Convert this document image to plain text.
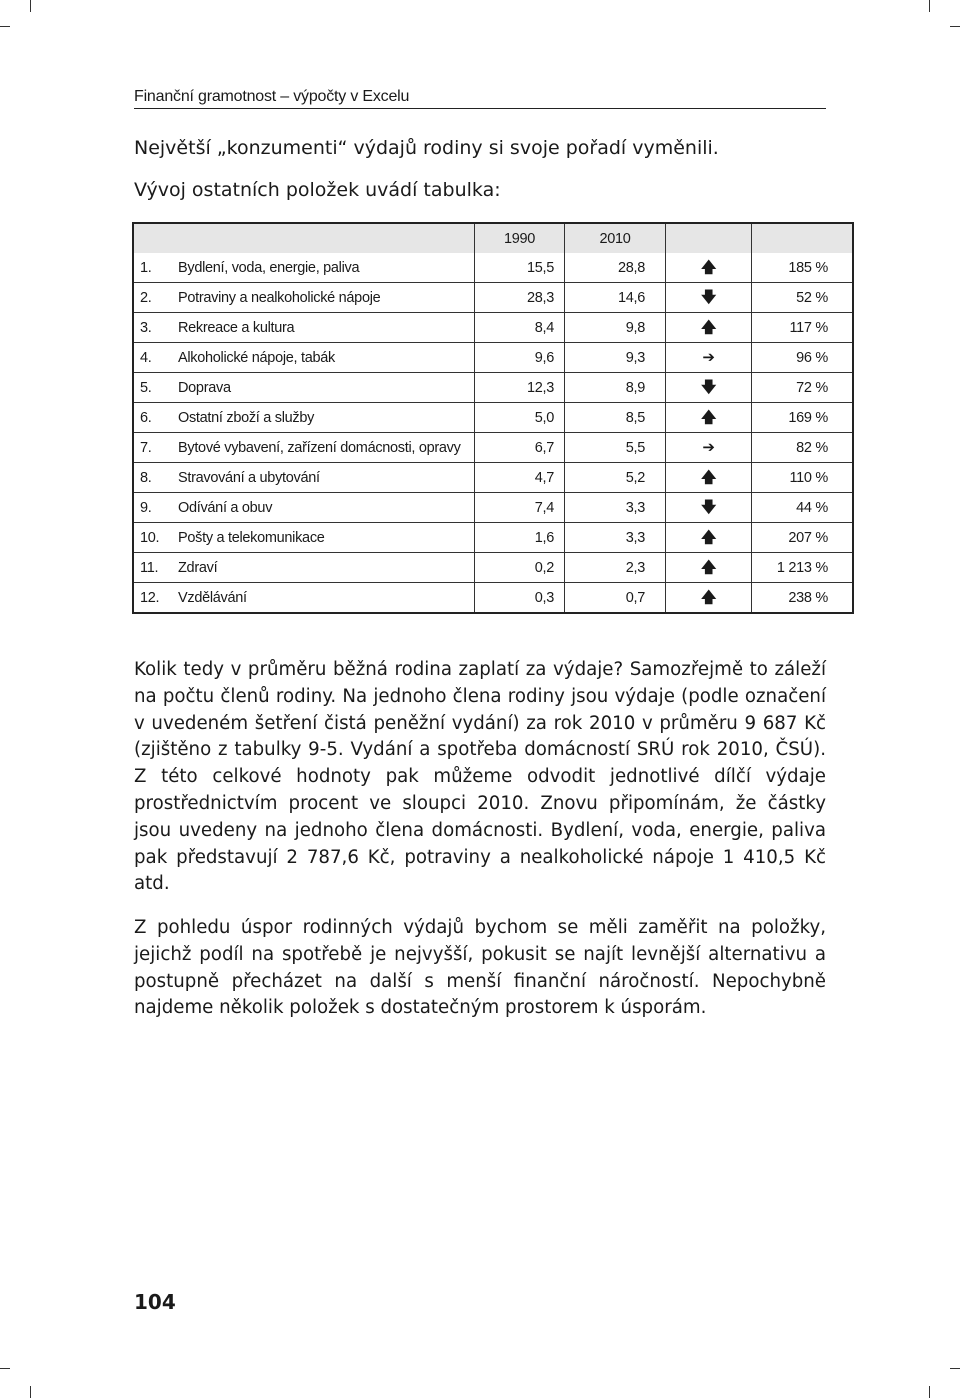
Finanční gramotnost – výpočty v Excelu
Největší „konzumenti“ výdajů rodiny si svoje pořadí vyměnili.
Vývoj ostatních položek uvádí tabulka:
		1990	2010		
1.	Bydlení, voda, energie, paliva	15,5	28,8	🡅	185 %
2.	Potraviny a nealkoholické nápoje	28,3	14,6	🡇	52 %
3.	Rekreace a kultura	8,4	9,8	🡅	117 %
4.	Alkoholické nápoje, tabák	9,6	9,3	➔	96 %
5.	Doprava	12,3	8,9	🡇	72 %
6.	Ostatní zboží a služby	5,0	8,5	🡅	169 %
7.	Bytové vybavení, zařízení domácnosti, opravy	6,7	5,5	➔	82 %
8.	Stravování a ubytování	4,7	5,2	🡅	110 %
9.	Odívání a obuv	7,4	3,3	🡇	44 %
10.	Pošty a telekomunikace	1,6	3,3	🡅	207 %
11.	Zdraví	0,2	2,3	🡅	1 213 %
12.	Vzdělávání	0,3	0,7	🡅	238 %

Kolik tedy v průměru běžná rodina zaplatí za výdaje? Samozřejmě to záleží na počtu členů rodiny. Na jednoho člena rodiny jsou výdaje (podle označení v uvedeném šetření čistá peněžní vydání) za rok 2010 v průměru 9 687 Kč (zjištěno z tabulky 9-5. Vydání a spotřeba domácností SRÚ rok 2010, ČSÚ). Z této celkové hodnoty pak můžeme odvodit jednotlivé dílčí výdaje prostřednictvím procent ve sloupci 2010. Znovu připomínám, že částky jsou uvedeny na jednoho člena domácnosti. Bydlení, voda, energie, paliva pak představují 2 787,6 Kč, potraviny a nealkoholické nápoje 1 410,5 Kč atd.

Z pohledu úspor rodinných výdajů bychom se měli zaměřit na položky, jejichž podíl na spotřebě je nejvyšší, pokusit se najít levnější alternativu a postupně přecházet na další s menší finanční náročností. Nepochybně najdeme několik položek s dostatečným prostorem k úsporám.

104
